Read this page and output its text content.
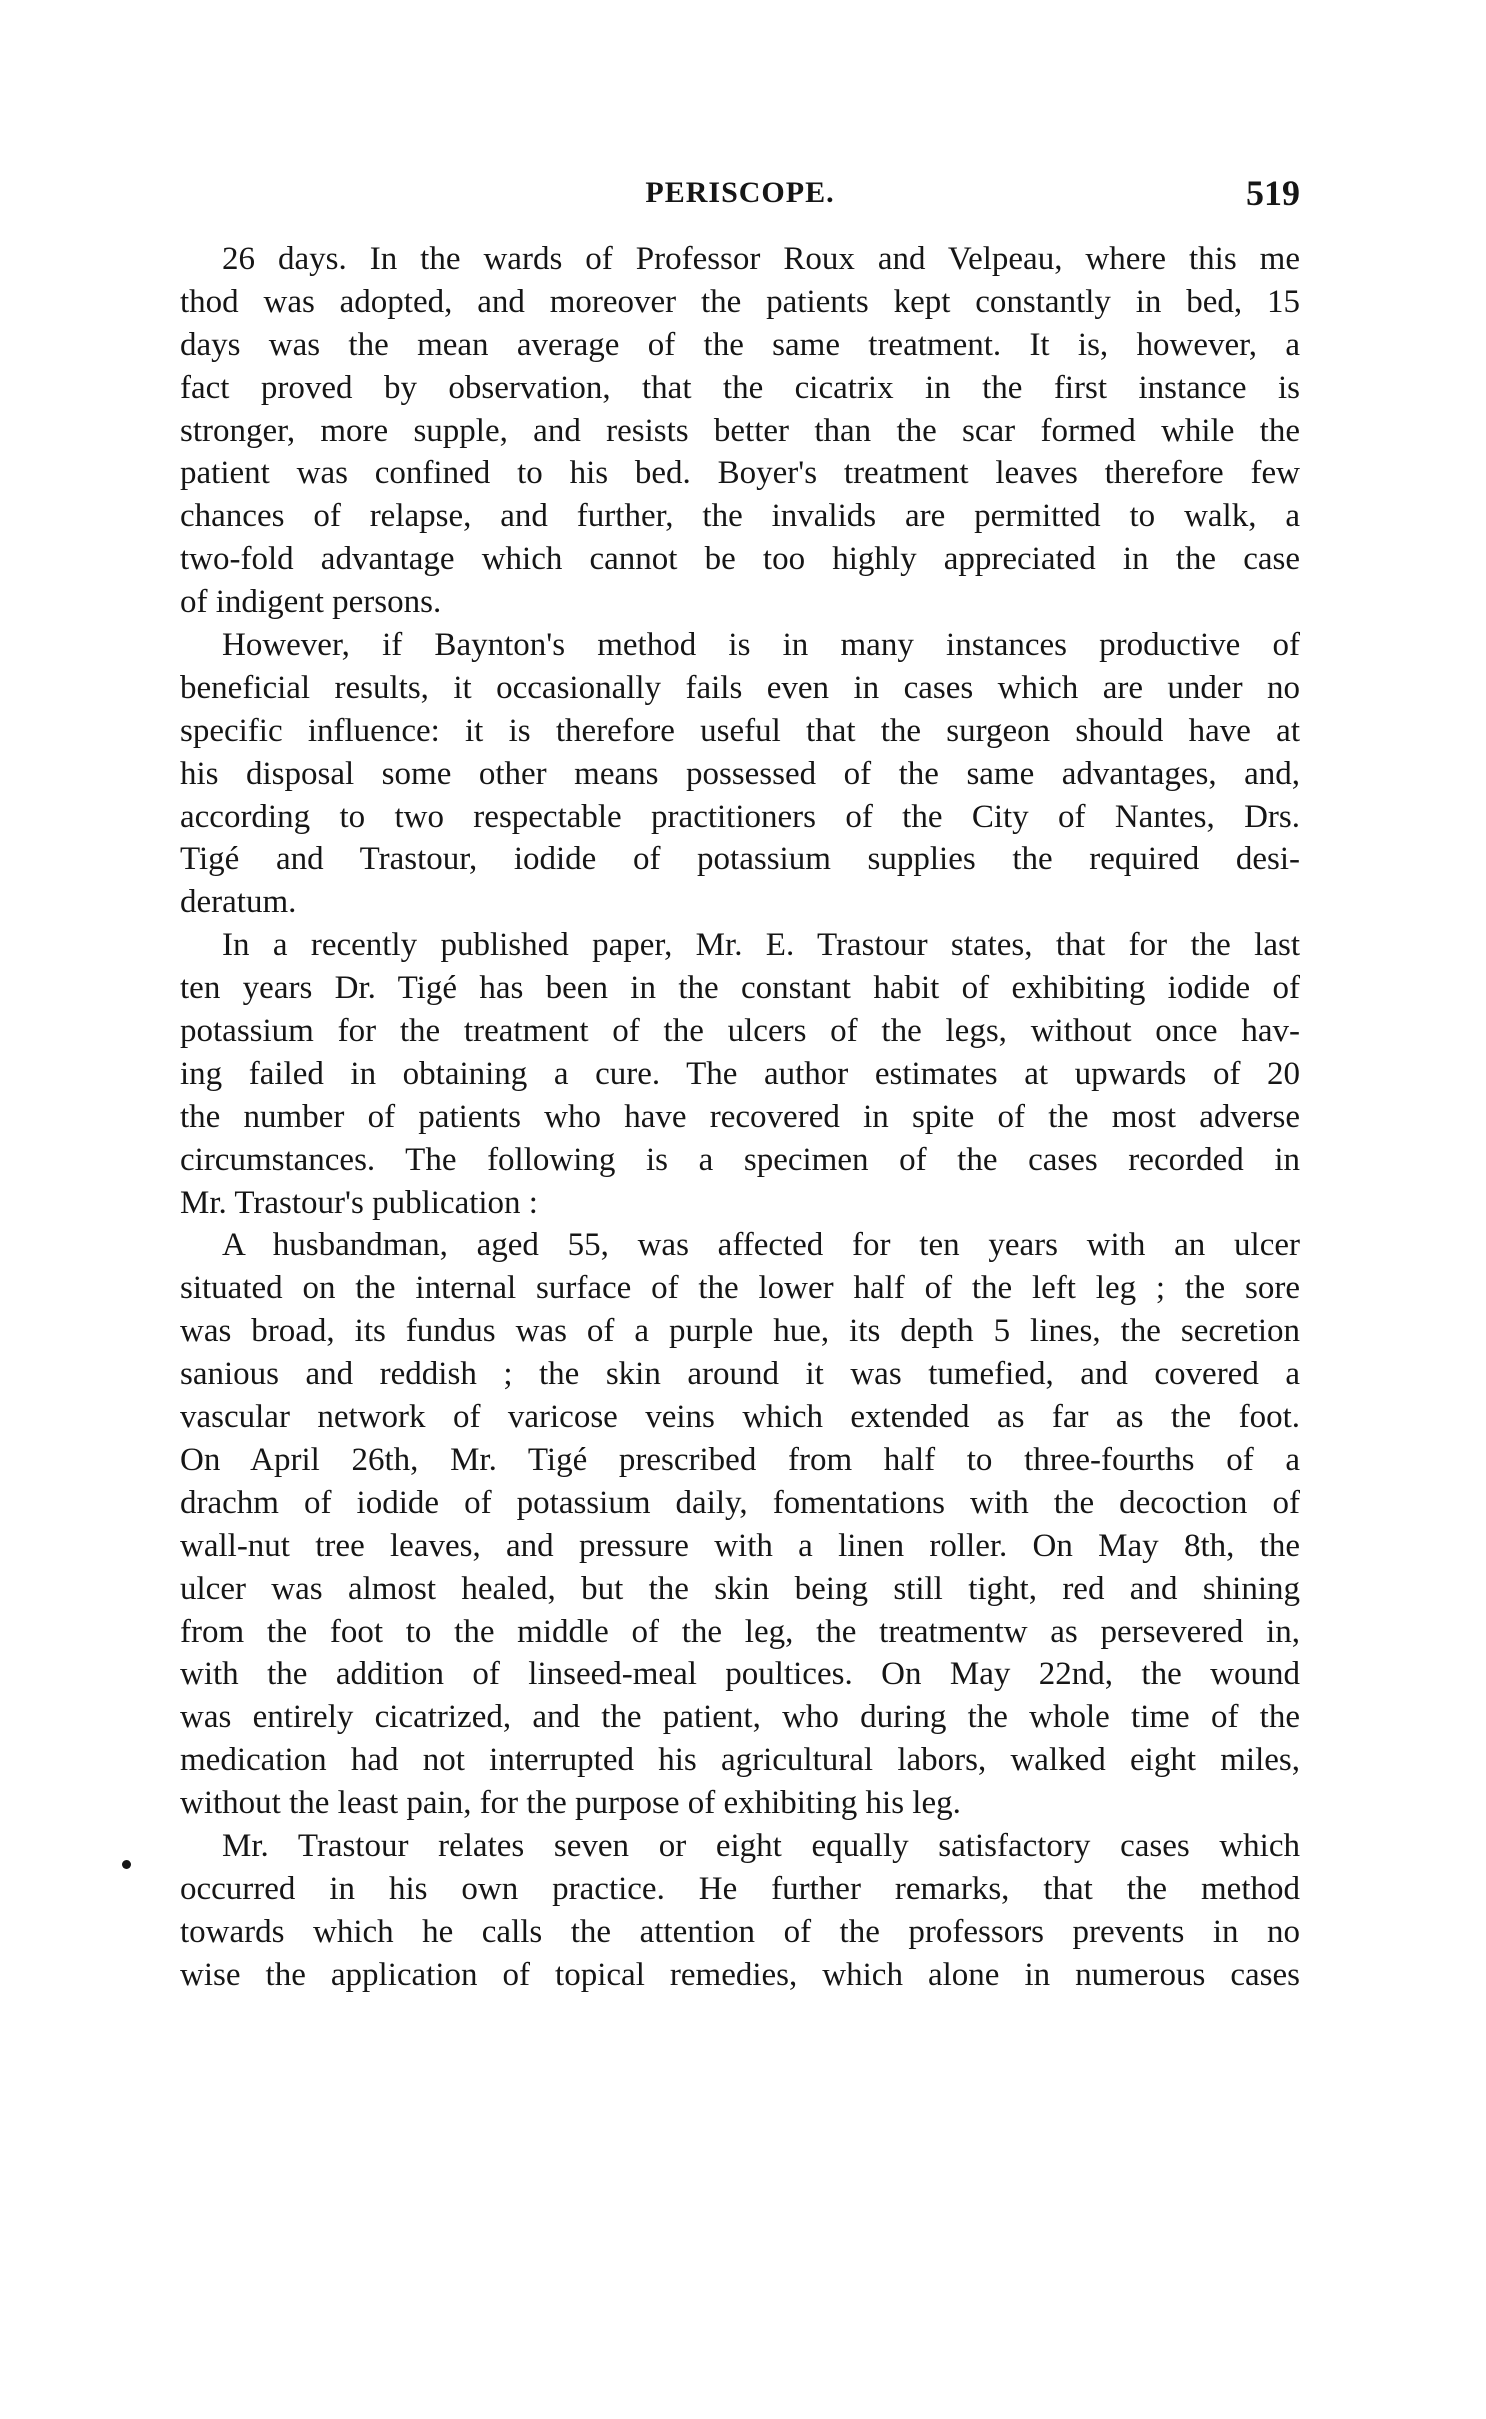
PERISCOPE.	519
26 days. In the wards of Professor Roux and Velpeau, where this me
thod was adopted, and moreover the patients kept constantly in bed, 15
days was the mean average of the same treatment. It is, however, a
fact proved by observation, that the cicatrix in the first instance is
stronger, more supple, and resists better than the scar formed while the
patient was confined to his bed. Boyer's treatment leaves therefore few
chances of relapse, and further, the invalids are permitted to walk, a
two-fold advantage which cannot be too highly appreciated in the case
of indigent persons.
However, if Baynton's method is in many instances productive of
beneficial results, it occasionally fails even in cases which are under no
specific influence: it is therefore useful that the surgeon should have at
his disposal some other means possessed of the same advantages, and,
according to two respectable practitioners of the City of Nantes, Drs.
Tigé and Trastour, iodide of potassium supplies the required desi-
deratum.
In a recently published paper, Mr. E. Trastour states, that for the last
ten years Dr. Tigé has been in the constant habit of exhibiting iodide of
potassium for the treatment of the ulcers of the legs, without once hav-
ing failed in obtaining a cure. The author estimates at upwards of 20
the number of patients who have recovered in spite of the most adverse
circumstances. The following is a specimen of the cases recorded in
Mr. Trastour's publication :
A husbandman, aged 55, was affected for ten years with an ulcer
situated on the internal surface of the lower half of the left leg ; the sore
was broad, its fundus was of a purple hue, its depth 5 lines, the secretion
sanious and reddish ; the skin around it was tumefied, and covered a
vascular network of varicose veins which extended as far as the foot.
On April 26th, Mr. Tigé prescribed from half to three-fourths of a
drachm of iodide of potassium daily, fomentations with the decoction of
wall-nut tree leaves, and pressure with a linen roller. On May 8th, the
ulcer was almost healed, but the skin being still tight, red and shining
from the foot to the middle of the leg, the treatmentw as persevered in,
with the addition of linseed-meal poultices. On May 22nd, the wound
was entirely cicatrized, and the patient, who during the whole time of the
medication had not interrupted his agricultural labors, walked eight miles,
without the least pain, for the purpose of exhibiting his leg.
Mr. Trastour relates seven or eight equally satisfactory cases which
occurred in his own practice. He further remarks, that the method
towards which he calls the attention of the professors prevents in no
wise the application of topical remedies, which alone in numerous cases
